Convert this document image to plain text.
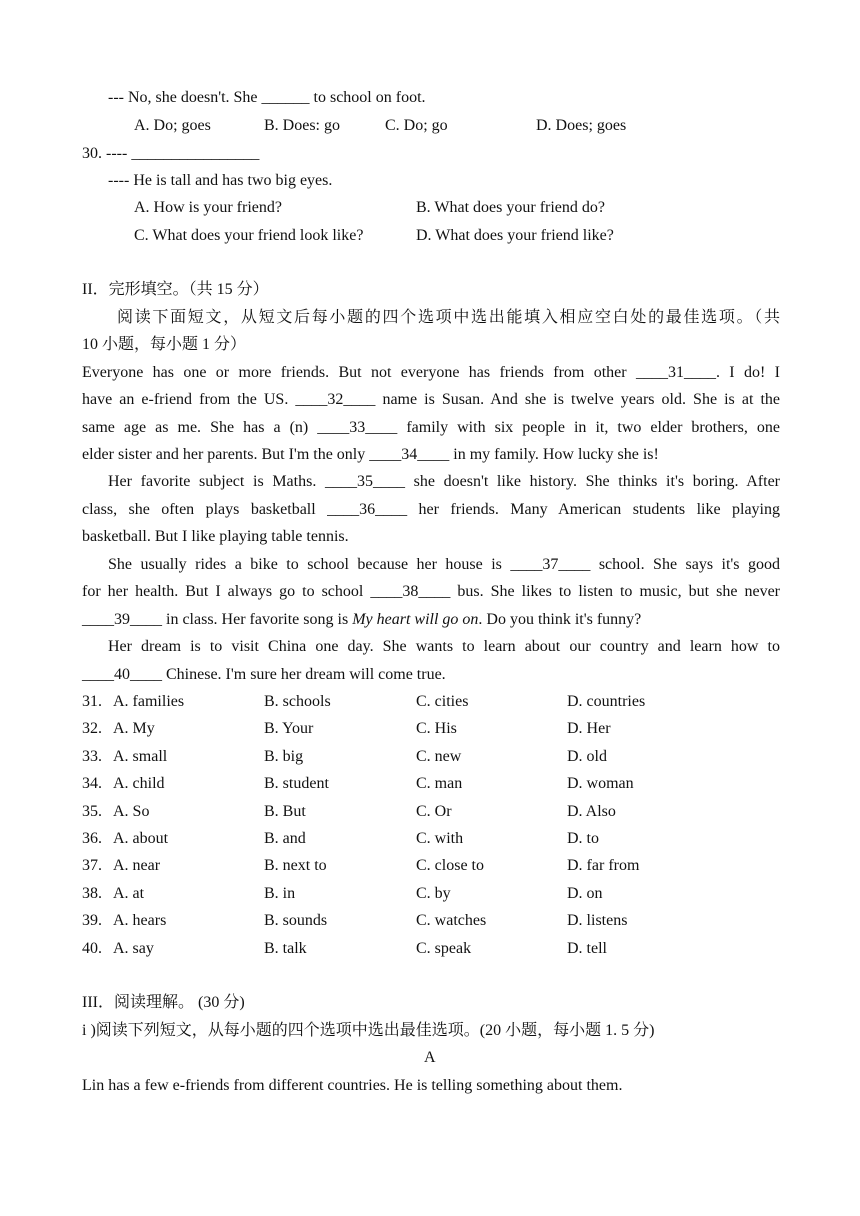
--- No, she doesn't. She ______ to school on foot.
A. Do; goes	B. Does: go	C. Do; go	D. Does; goes
30. ---- ________________
---- He is tall and has two big eyes.
A. How is your friend?	B. What does your friend do?
C. What does your friend look like?	D. What does your friend like?
II．完形填空。（共 15 分）
阅读下面短文，从短文后每小题的四个选项中选出能填入相应空白处的最佳选项。（共
10 小题，每小题 1 分）
Everyone has one or more friends. But not everyone has friends from other ____31____. I do! I
have an e-friend from the US. ____32____ name is Susan. And she is twelve years old. She is at the
same age as me. She has a (n) ____33____ family with six people in it, two elder brothers, one
elder sister and her parents. But I'm the only ____34____ in my family. How lucky she is!
Her favorite subject is Maths. ____35____ she doesn't like history. She thinks it's boring. After
class, she often plays basketball ____36____ her friends. Many American students like playing
basketball. But I like playing table tennis.
She usually rides a bike to school because her house is ____37____ school. She says it's good
for her health. But I always go to school ____38____ bus. She likes to listen to music, but she never
____39____ in class. Her favorite song is My heart will go on. Do you think it's funny?
Her dream is to visit China one day. She wants to learn about our country and learn how to
____40____ Chinese. I'm sure her dream will come true.
31. A. families	B. schools	C. cities	D. countries
32. A. My	B. Your	C. His	D. Her
33. A. small	B. big	C. new	D. old
34. A. child	B. student	C. man	D. woman
35. A. So	B. But	C. Or	D. Also
36. A. about	B. and	C. with	D. to
37. A. near	B. next to	C. close to	D. far from
38. A. at	B. in	C. by	D. on
39. A. hears	B. sounds	C. watches	D. listens
40. A. say	B. talk	C. speak	D. tell
III．阅读理解。 (30 分)
i )阅读下列短文，从每小题的四个选项中选出最佳选项。(20 小题，每小题 1. 5 分)
A
Lin has a few e-friends from different countries. He is telling something about them.
